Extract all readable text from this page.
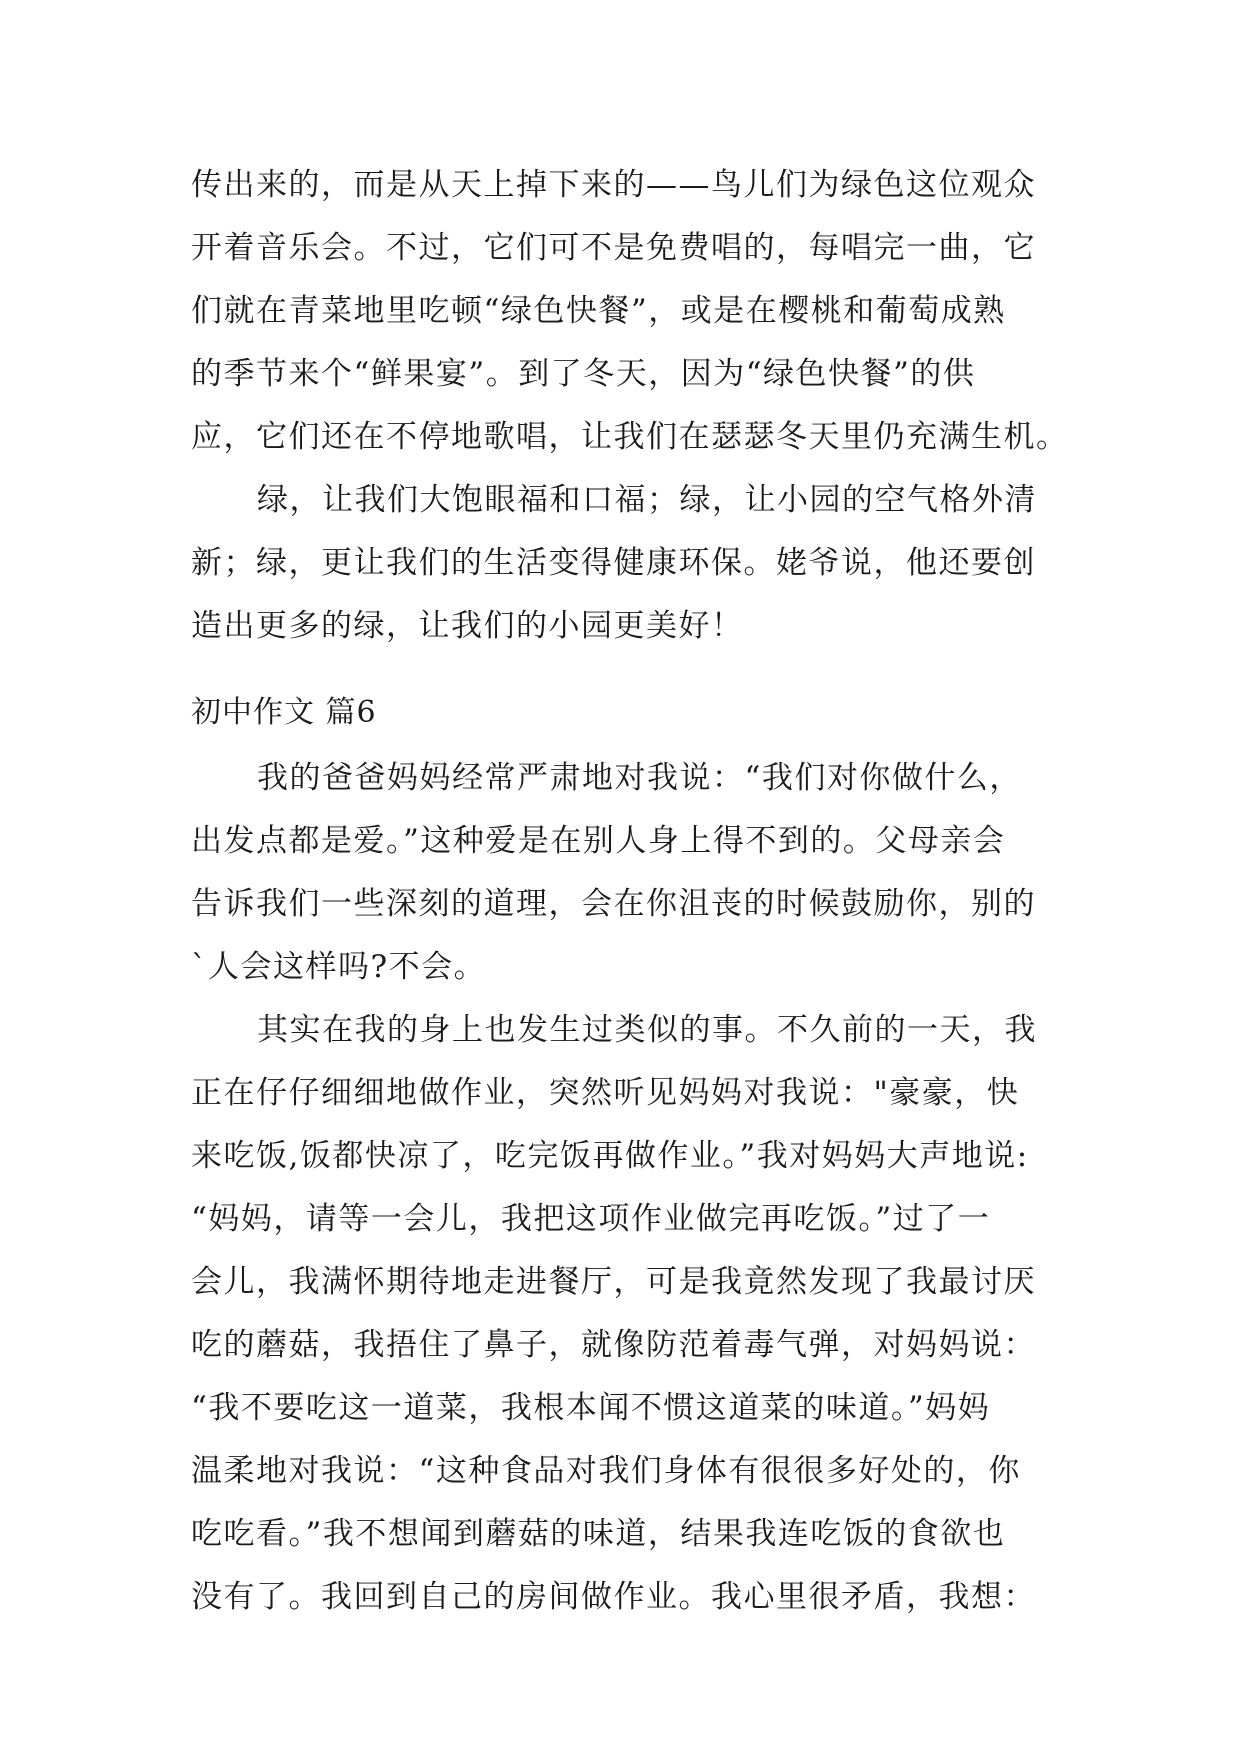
传出来的，而是从天上掉下来的——鸟儿们为绿色这位观众
开着音乐会。不过，它们可不是免费唱的，每唱完一曲，它
们就在青菜地里吃顿“绿色快餐”，或是在樱桃和葡萄成熟
的季节来个“鲜果宴”。到了冬天，因为“绿色快餐”的供
应，它们还在不停地歌唱，让我们在瑟瑟冬天里仍充满生机。
绿，让我们大饱眼福和口福；绿，让小园的空气格外清
新；绿，更让我们的生活变得健康环保。姥爷说，他还要创
造出更多的绿，让我们的小园更美好！
初中作文 篇6
我的爸爸妈妈经常严肃地对我说：“我们对你做什么，
出发点都是爱。”这种爱是在别人身上得不到的。父母亲会
告诉我们一些深刻的道理，会在你沮丧的时候鼓励你，别的
`人会这样吗?不会。
其实在我的身上也发生过类似的事。不久前的一天，我
正在仔仔细细地做作业，突然听见妈妈对我说："豪豪，快
来吃饭,饭都快凉了，吃完饭再做作业。”我对妈妈大声地说:
“妈妈，请等一会儿，我把这项作业做完再吃饭。”过了一
会儿，我满怀期待地走进餐厅，可是我竟然发现了我最讨厌
吃的蘑菇，我捂住了鼻子，就像防范着毒气弹，对妈妈说：
“我不要吃这一道菜，我根本闻不惯这道菜的味道。”妈妈
温柔地对我说：“这种食品对我们身体有很很多好处的，你
吃吃看。”我不想闻到蘑菇的味道，结果我连吃饭的食欲也
没有了。我回到自己的房间做作业。我心里很矛盾，我想：
